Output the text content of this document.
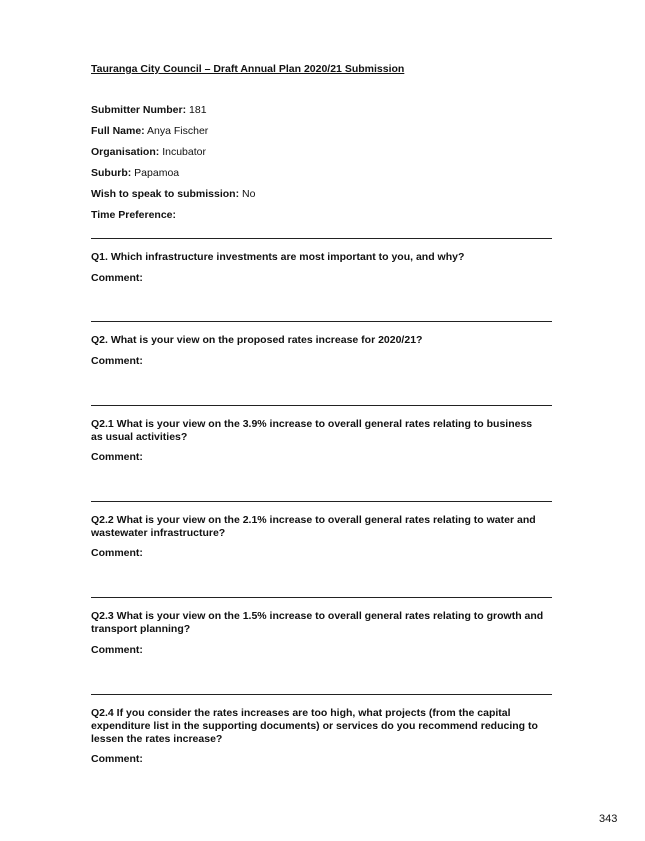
Tauranga City Council – Draft Annual Plan 2020/21 Submission
Submitter Number: 181
Full Name: Anya Fischer
Organisation: Incubator
Suburb: Papamoa
Wish to speak to submission: No
Time Preference:
Q1. Which infrastructure investments are most important to you, and why?
Comment:
Q2. What is your view on the proposed rates increase for 2020/21?
Comment:
Q2.1 What is your view on the 3.9% increase to overall general rates relating to business as usual activities?
Comment:
Q2.2 What is your view on the 2.1% increase to overall general rates relating to water and wastewater infrastructure?
Comment:
Q2.3 What is your view on the 1.5% increase to overall general rates relating to growth and transport planning?
Comment:
Q2.4 If you consider the rates increases are too high, what projects (from the capital expenditure list in the supporting documents) or services do you recommend reducing to lessen the rates increase?
Comment:
343
